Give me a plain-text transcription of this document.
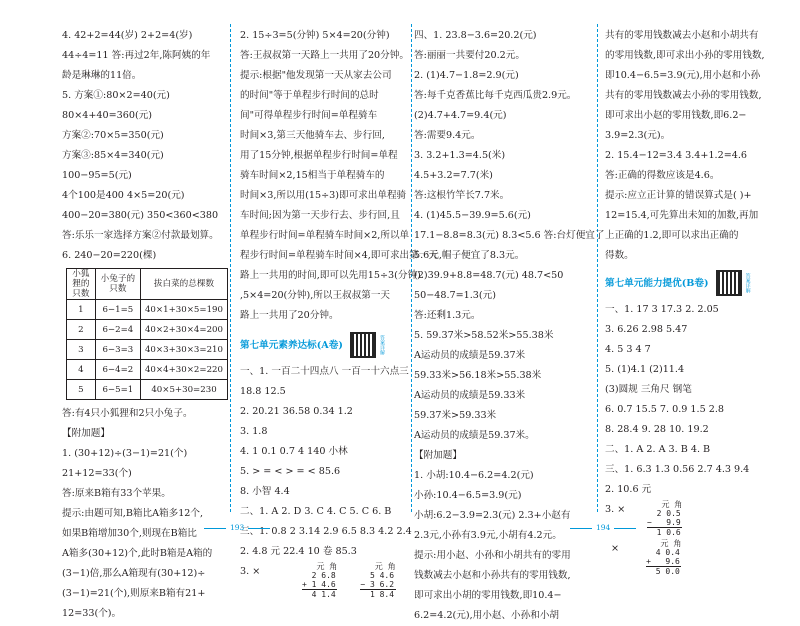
4. 42+2=44(岁) 2+2=4(岁)
44÷4=11 答:再过2年,陈阿姨的年
龄是琳琳的11倍。
5. 方案①:80×2=40(元)
80×4+40=360(元)
方案②:70×5=350(元)
方案③:85×4=340(元)
100−95=5(元)
4个100是400 4×5=20(元)
400−20=380(元) 350<360<380
答:乐乐一家选择方案②付款最划算。
6. 240−20=220(棵)
小狐狸的只数	小兔子的只数	拔白菜的总棵数
1	6−1=5	40×1+30×5=190
2	6−2=4	40×2+30×4=200
3	6−3=3	40×3+30×3=210
4	6−4=2	40×4+30×2=220
5	6−5=1	40×5+30=230
答:有4只小狐狸和2只小兔子。
【附加题】
1. (30+12)÷(3−1)=21(个)
21+12=33(个)
答:原来B箱有33个苹果。
提示:由题可知,B箱比A箱多12个,
如果B箱增加30个,则现在B箱比
A箱多(30+12)个,此时B箱是A箱的
(3−1)倍,那么A箱现有(30+12)÷
(3−1)=21(个),则原来B箱有21+
12=33(个)。
2. 15÷3=5(分钟) 5×4=20(分钟)
答:王叔叔第一天路上一共用了20分钟。
提示:根据"他发现第一天从家去公司
的时间"等于单程步行时间的总时
间"可得单程步行时间=单程骑车
时间×3,第三天他骑车去、步行回,
用了15分钟,根据单程步行时间=单程
骑车时间×2,15相当于单程骑车的
时间×3,所以用(15÷3)即可求出单程骑
车时间;因为第一天步行去、步行回,且
单程步行时间=单程骑车时间×2,所以单
程步行时间=单程骑车时间×4,即可求出第一天
路上一共用的时间,即可以先用15÷3(分钟)
,5×4=20(分钟),所以王叔叔第一天
路上一共用了20分钟。
第七单元素养达标(A卷)	答案详解
一、1. 一百二十四点八 一百一十六点三
18.8 12.5
2. 20.21 36.58 0.34 1.2
3. 1.8
4. 1 0.1 0.7 4 140 小林
5. > = < > = < 85.6
8. 小智 4.4
二、1. A 2. D 3. C 4. C 5. C 6. B
三、1. 0.8 2 3.14 2.9 6.5 8.3 4.2 2.4
2. 4.8 元 22.4 10 卷 85.3
3. ×	元 角
2 6.8
+ 1 4.6
4 1.4

元 角
5 4.6
− 3 6.2
1 8.4
四、1. 23.8−3.6=20.2(元)
答:丽丽一共要付20.2元。
2. (1)4.7−1.8=2.9(元)
答:每千克香蕉比每千克西瓜贵2.9元。
(2)4.7+4.7=9.4(元)
答:需要9.4元。
3. 3.2+1.3=4.5(米)
4.5+3.2=7.7(米)
答:这根竹竿长7.7米。
4. (1)45.5−39.9=5.6(元)
17.1−8.8=8.3(元) 8.3<5.6 答:台灯便宜了
5.6元,帽子便宜了8.3元。
(2)39.9+8.8=48.7(元) 48.7<50
50−48.7=1.3(元)
答:还剩1.3元。
5. 59.37米>58.52米>55.38米
A运动员的成绩是59.37米
59.33米>56.18米>55.38米
A运动员的成绩是59.33米
59.37米>59.33米
A运动员的成绩是59.37米。
【附加题】
1. 小胡:10.4−6.2=4.2(元)
小孙:10.4−6.5=3.9(元)
小胡:6.2−3.9=2.3(元) 2.3+小赵有
2.3元,小孙有3.9元,小胡有4.2元。
提示:用小赵、小孙和小胡共有的零用
钱数减去小赵和小孙共有的零用钱数,
即可求出小胡的零用钱数,即10.4−
6.2=4.2(元),用小赵、小孙和小胡
共有的零用钱数减去小赵和小胡共有
的零用钱数,即可求出小孙的零用钱数,
即10.4−6.5=3.9(元),用小赵和小孙
共有的零用钱数减去小孙的零用钱数,
即可求出小赵的零用钱数,即6.2−
3.9=2.3(元)。
2. 15.4−12=3.4 3.4+1.2=4.6
答:正确的得数应该是4.6。
提示:应立正计算的错误算式是( )+
12=15.4,可先算出未知的加数,再加
上正确的1.2,即可以求出正确的
得数。
第七单元能力提优(B卷)	答案详解
一、1. 17 3 17.3 2. 2.05
3. 6.26 2.98 5.47
4. 5 3 4 7
5. (1)4.1 (2)11.4
(3)圆规 三角尺 钢笔
6. 0.7 15.5 7. 0.9 1.5 2.8
8. 28.4 9. 28 10. 19.2
二、1. A 2. A 3. B 4. B
三、1. 6.3 1.3 0.56 2.7 4.3 9.4
2. 10.6 元
3. ×	元 角
2 0.5
−   9.9
1 0.6
×	元 角
4 0.4
+   9.6
5 0.0
193	194
